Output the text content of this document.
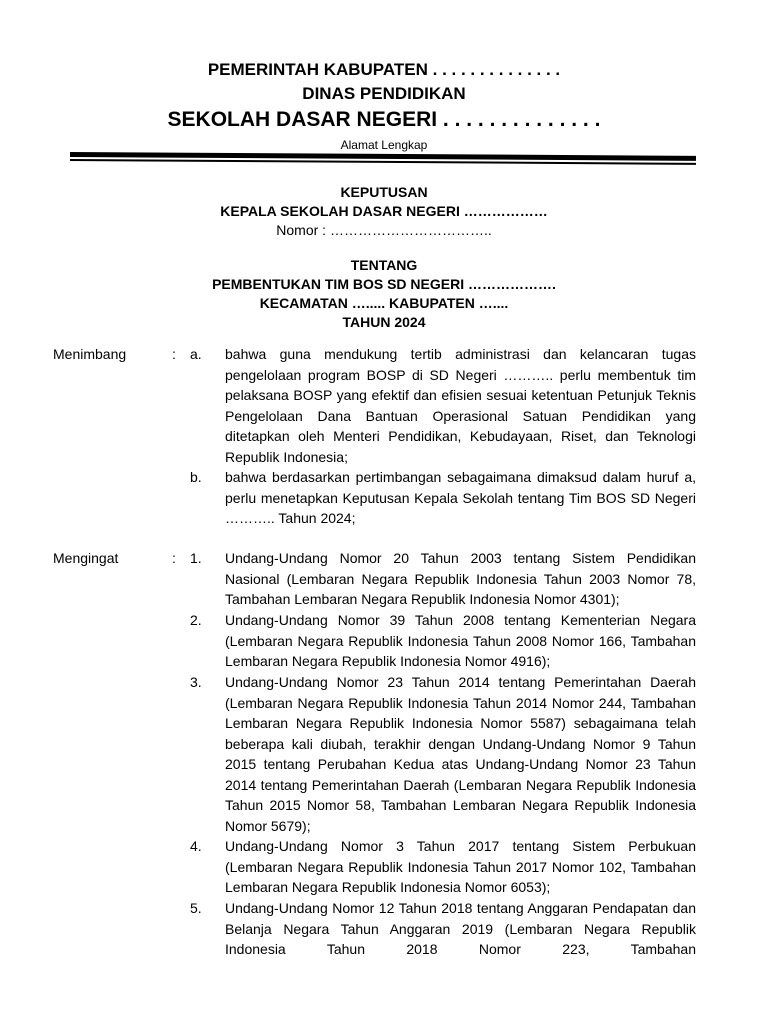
PEMERINTAH KABUPATEN . . . . . . . . . . . . . .
DINAS PENDIDIKAN
SEKOLAH DASAR NEGERI . . . . . . . . . . . . . .
Alamat Lengkap
KEPUTUSAN
KEPALA SEKOLAH DASAR NEGERI ………………
Nomor : ……………………………..
TENTANG
PEMBENTUKAN TIM BOS SD NEGERI ……………….
KECAMATAN …..... KABUPATEN …....
TAHUN 2024
Menimbang	: a. bahwa guna mendukung tertib administrasi dan kelancaran tugas pengelolaan program BOSP di SD Negeri ……….. perlu membentuk tim pelaksana BOSP yang efektif dan efisien sesuai ketentuan Petunjuk Teknis Pengelolaan Dana Bantuan Operasional Satuan Pendidikan yang ditetapkan oleh Menteri Pendidikan, Kebudayaan, Riset, dan Teknologi Republik Indonesia;
b. bahwa berdasarkan pertimbangan sebagaimana dimaksud dalam huruf a, perlu menetapkan Keputusan Kepala Sekolah tentang Tim BOS SD Negeri ……….. Tahun 2024;
Mengingat	: 1. Undang-Undang Nomor 20 Tahun 2003 tentang Sistem Pendidikan Nasional (Lembaran Negara Republik Indonesia Tahun 2003 Nomor 78, Tambahan Lembaran Negara Republik Indonesia Nomor 4301);
2. Undang-Undang Nomor 39 Tahun 2008 tentang Kementerian Negara (Lembaran Negara Republik Indonesia Tahun 2008 Nomor 166, Tambahan Lembaran Negara Republik Indonesia Nomor 4916);
3. Undang-Undang Nomor 23 Tahun 2014 tentang Pemerintahan Daerah (Lembaran Negara Republik Indonesia Tahun 2014 Nomor 244, Tambahan Lembaran Negara Republik Indonesia Nomor 5587) sebagaimana telah beberapa kali diubah, terakhir dengan Undang-Undang Nomor 9 Tahun 2015 tentang Perubahan Kedua atas Undang-Undang Nomor 23 Tahun 2014 tentang Pemerintahan Daerah (Lembaran Negara Republik Indonesia Tahun 2015 Nomor 58, Tambahan Lembaran Negara Republik Indonesia Nomor 5679);
4. Undang-Undang Nomor 3 Tahun 2017 tentang Sistem Perbukuan (Lembaran Negara Republik Indonesia Tahun 2017 Nomor 102, Tambahan Lembaran Negara Republik Indonesia Nomor 6053);
5. Undang-Undang Nomor 12 Tahun 2018 tentang Anggaran Pendapatan dan Belanja Negara Tahun Anggaran 2019 (Lembaran Negara Republik Indonesia Tahun 2018 Nomor 223, Tambahan
